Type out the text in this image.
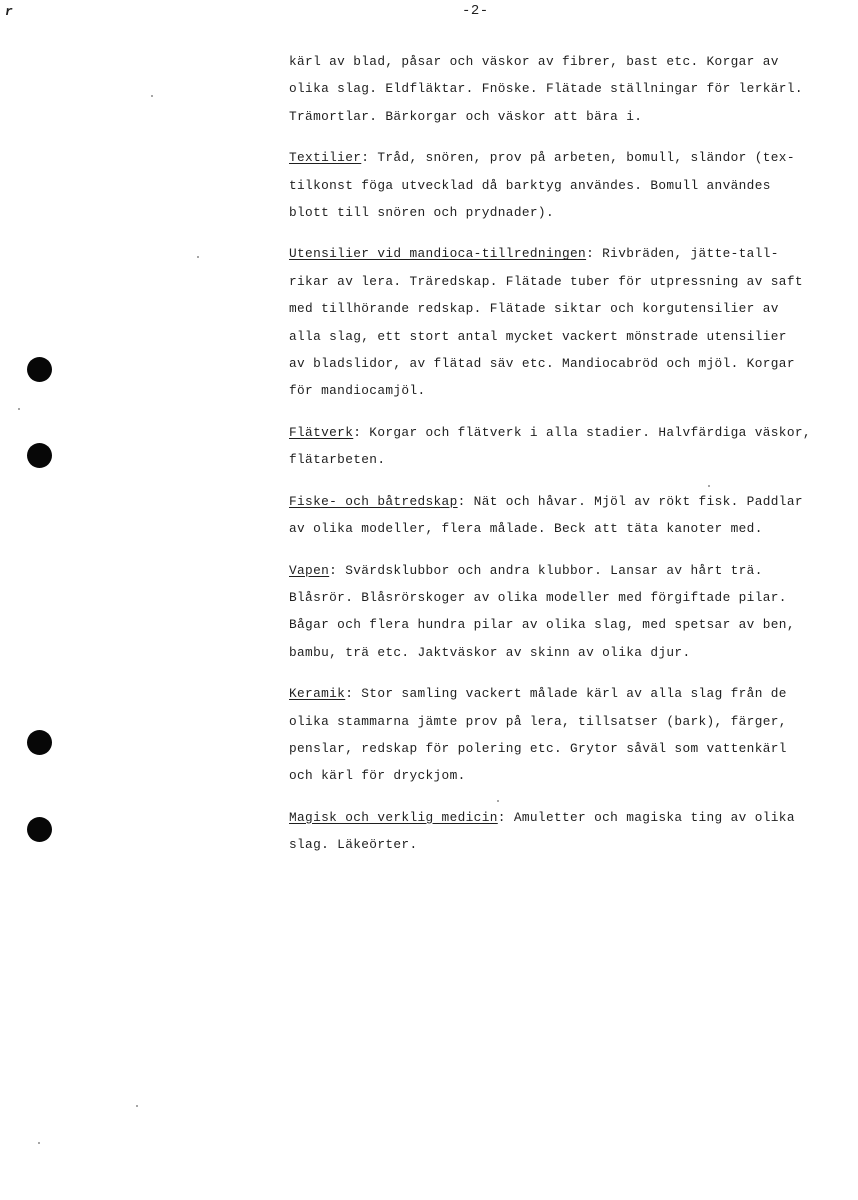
r	-2-
kärl av blad, påsar och väskor av fibrer, bast etc. Korgar av
olika slag. Eldfläktar. Fnöske. Flätade ställningar för lerkärl.
Trämortlar. Bärkorgar och väskor att bära i.
Textilier: Tråd, snören, prov på arbeten, bomull, sländor (tex-
tilkonst föga utvecklad då barktyg användes. Bomull användes
blott till snören och prydnader).
Utensilier vid mandioca-tillredningen: Rivbräden, jätte-tall-
rikar av lera. Träredskap. Flätade tuber för utpressning av saft
med tillhörande redskap. Flätade siktar och korgutensilier av
alla slag, ett stort antal mycket vackert mönstrade utensilier
av bladslidor, av flätad säv etc. Mandiocabröd och mjöl. Korgar
för mandiocamjöl.
Flätverk: Korgar och flätverk i alla stadier. Halvfärdiga väskor,
flätarbeten.
Fiske- och båtredskap: Nät och håvar. Mjöl av rökt fisk. Paddlar
av olika modeller, flera målade. Beck att täta kanoter med.
Vapen: Svärdsklubbor och andra klubbor. Lansar av hårt trä.
Blåsrör. Blåsrörskoger av olika modeller med förgiftade pilar.
Bågar och flera hundra pilar av olika slag, med spetsar av ben,
bambu, trä etc. Jaktväskor av skinn av olika djur.
Keramik: Stor samling vackert målade kärl av alla slag från de
olika stammarna jämte prov på lera, tillsatser (bark), färger,
penslar, redskap för polering etc. Grytor såväl som vattenkärl
och kärl för dryckjom.
Magisk och verklig medicin: Amuletter och magiska ting av olika
slag. Läkeörter.
